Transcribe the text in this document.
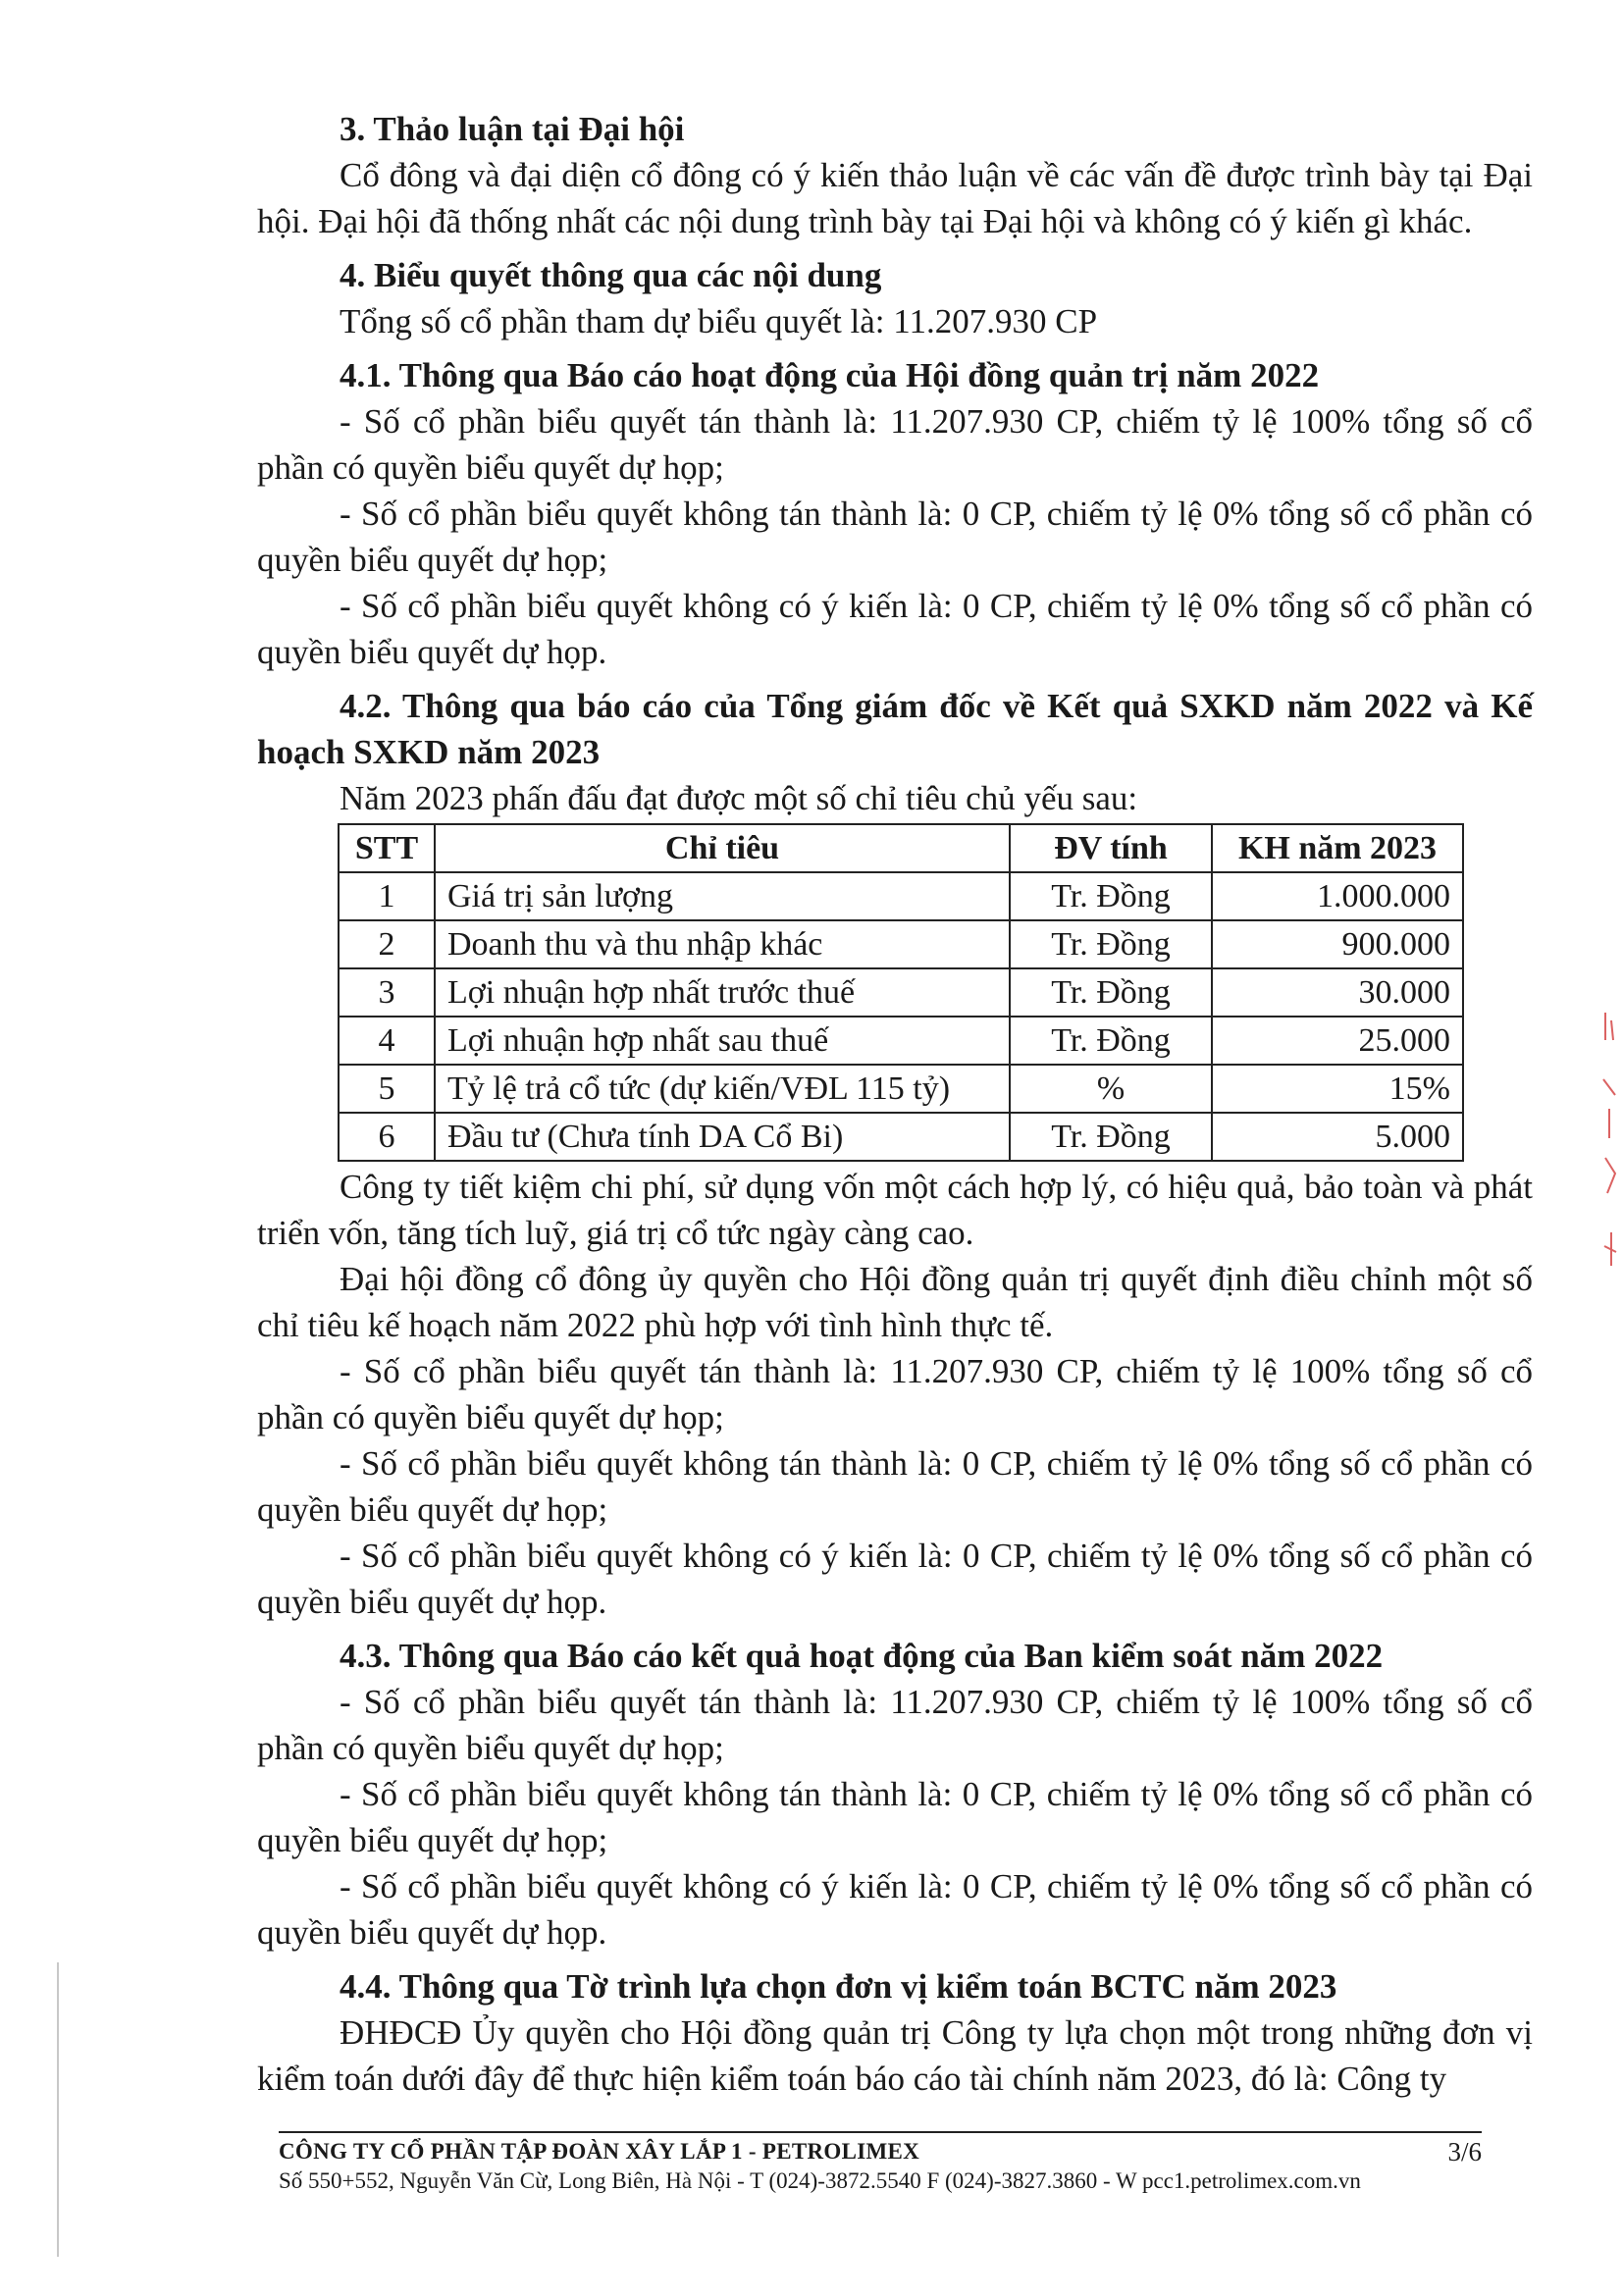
3. Thảo luận tại Đại hội

Cổ đông và đại diện cổ đông có ý kiến thảo luận về các vấn đề được trình bày tại Đại hội. Đại hội đã thống nhất các nội dung trình bày tại Đại hội và không có ý kiến gì khác.

4. Biểu quyết thông qua các nội dung

Tổng số cổ phần tham dự biểu quyết là: 11.207.930 CP

4.1. Thông qua Báo cáo hoạt động của Hội đồng quản trị năm 2022

- Số cổ phần biểu quyết tán thành là: 11.207.930 CP, chiếm tỷ lệ 100% tổng số cổ phần có quyền biểu quyết dự họp;

- Số cổ phần biểu quyết không tán thành là: 0 CP, chiếm tỷ lệ 0% tổng số cổ phần có quyền biểu quyết dự họp;

- Số cổ phần biểu quyết không có ý kiến là: 0 CP, chiếm tỷ lệ 0% tổng số cổ phần có quyền biểu quyết dự họp.

4.2. Thông qua báo cáo của Tổng giám đốc về Kết quả SXKD năm 2022 và Kế hoạch SXKD năm 2023

Năm 2023 phấn đấu đạt được một số chỉ tiêu chủ yếu sau:

STT	Chỉ tiêu	ĐV tính	KH năm 2023
1	Giá trị sản lượng	Tr. Đồng	1.000.000
2	Doanh thu và thu nhập khác	Tr. Đồng	900.000
3	Lợi nhuận hợp nhất trước thuế	Tr. Đồng	30.000
4	Lợi nhuận hợp nhất sau thuế	Tr. Đồng	25.000
5	Tỷ lệ trả cổ tức (dự kiến/VĐL 115 tỷ)	%	15%
6	Đầu tư (Chưa tính DA Cổ Bi)	Tr. Đồng	5.000

Công ty tiết kiệm chi phí, sử dụng vốn một cách hợp lý, có hiệu quả, bảo toàn và phát triển vốn, tăng tích luỹ, giá trị cổ tức ngày càng cao.

Đại hội đồng cổ đông ủy quyền cho Hội đồng quản trị quyết định điều chỉnh một số chỉ tiêu kế hoạch năm 2022 phù hợp với tình hình thực tế.

- Số cổ phần biểu quyết tán thành là: 11.207.930 CP, chiếm tỷ lệ 100% tổng số cổ phần có quyền biểu quyết dự họp;

- Số cổ phần biểu quyết không tán thành là: 0 CP, chiếm tỷ lệ 0% tổng số cổ phần có quyền biểu quyết dự họp;

- Số cổ phần biểu quyết không có ý kiến là: 0 CP, chiếm tỷ lệ 0% tổng số cổ phần có quyền biểu quyết dự họp.

4.3. Thông qua Báo cáo kết quả hoạt động của Ban kiểm soát năm 2022

- Số cổ phần biểu quyết tán thành là: 11.207.930 CP, chiếm tỷ lệ 100% tổng số cổ phần có quyền biểu quyết dự họp;

- Số cổ phần biểu quyết không tán thành là: 0 CP, chiếm tỷ lệ 0% tổng số cổ phần có quyền biểu quyết dự họp;

- Số cổ phần biểu quyết không có ý kiến là: 0 CP, chiếm tỷ lệ 0% tổng số cổ phần có quyền biểu quyết dự họp.

4.4. Thông qua Tờ trình lựa chọn đơn vị kiểm toán BCTC năm 2023

ĐHĐCĐ Ủy quyền cho Hội đồng quản trị Công ty lựa chọn một trong những đơn vị kiểm toán dưới đây để thực hiện kiểm toán báo cáo tài chính năm 2023, đó là: Công ty

CÔNG TY CỔ PHẦN TẬP ĐOÀN XÂY LẮP 1 - PETROLIMEX
Số 550+552, Nguyễn Văn Cừ, Long Biên, Hà Nội - T (024)-3872.5540 F (024)-3827.3860 - W pcc1.petrolimex.com.vn
3/6
